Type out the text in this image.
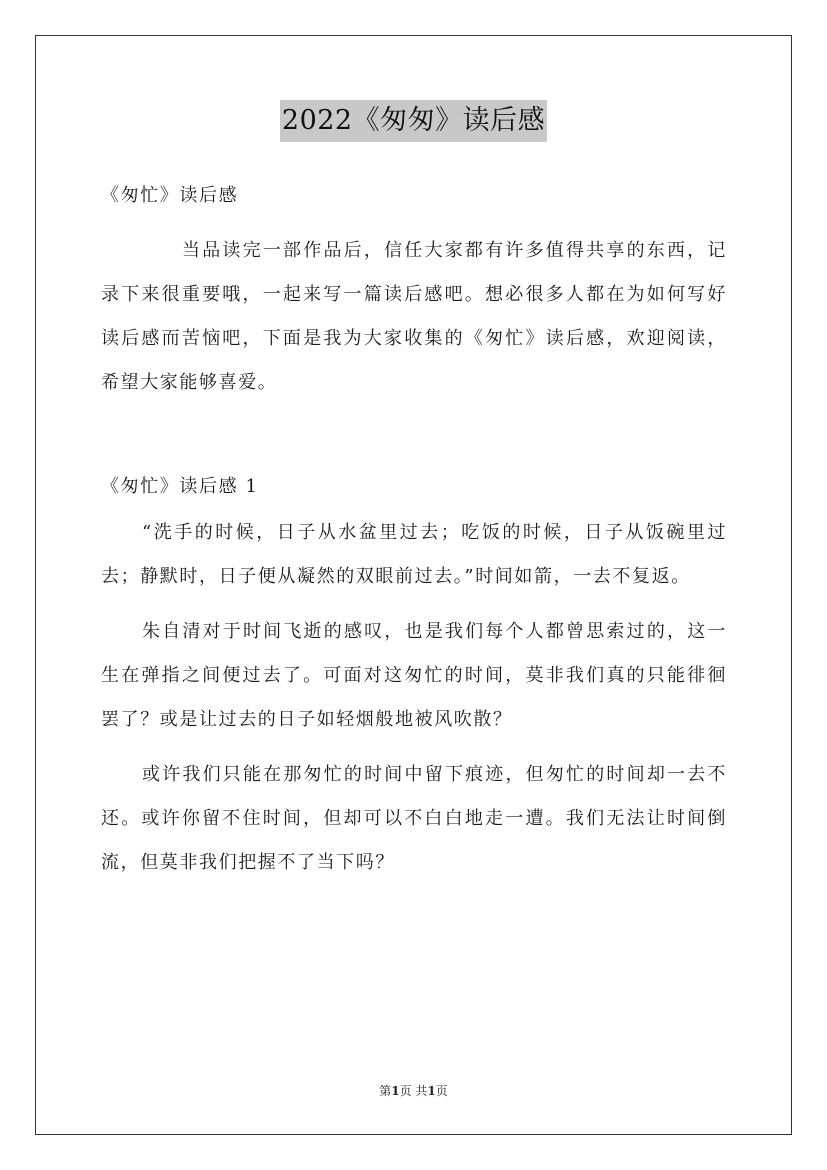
2022《匆匆》读后感

《匆忙》读后感

当品读完一部作品后，信任大家都有许多值得共享的东西，记录下来很重要哦，一起来写一篇读后感吧。想必很多人都在为如何写好读后感而苦恼吧，下面是我为大家收集的《匆忙》读后感，欢迎阅读，希望大家能够喜爱。

《匆忙》读后感 1

“洗手的时候，日子从水盆里过去；吃饭的时候，日子从饭碗里过去；静默时，日子便从凝然的双眼前过去。”时间如箭，一去不复返。

朱自清对于时间飞逝的感叹，也是我们每个人都曾思索过的，这一生在弹指之间便过去了。可面对这匆忙的时间，莫非我们真的只能徘徊罢了？或是让过去的日子如轻烟般地被风吹散？

或许我们只能在那匆忙的时间中留下痕迹，但匆忙的时间却一去不还。或许你留不住时间，但却可以不白白地走一遭。我们无法让时间倒流，但莫非我们把握不了当下吗？

第1页 共1页
